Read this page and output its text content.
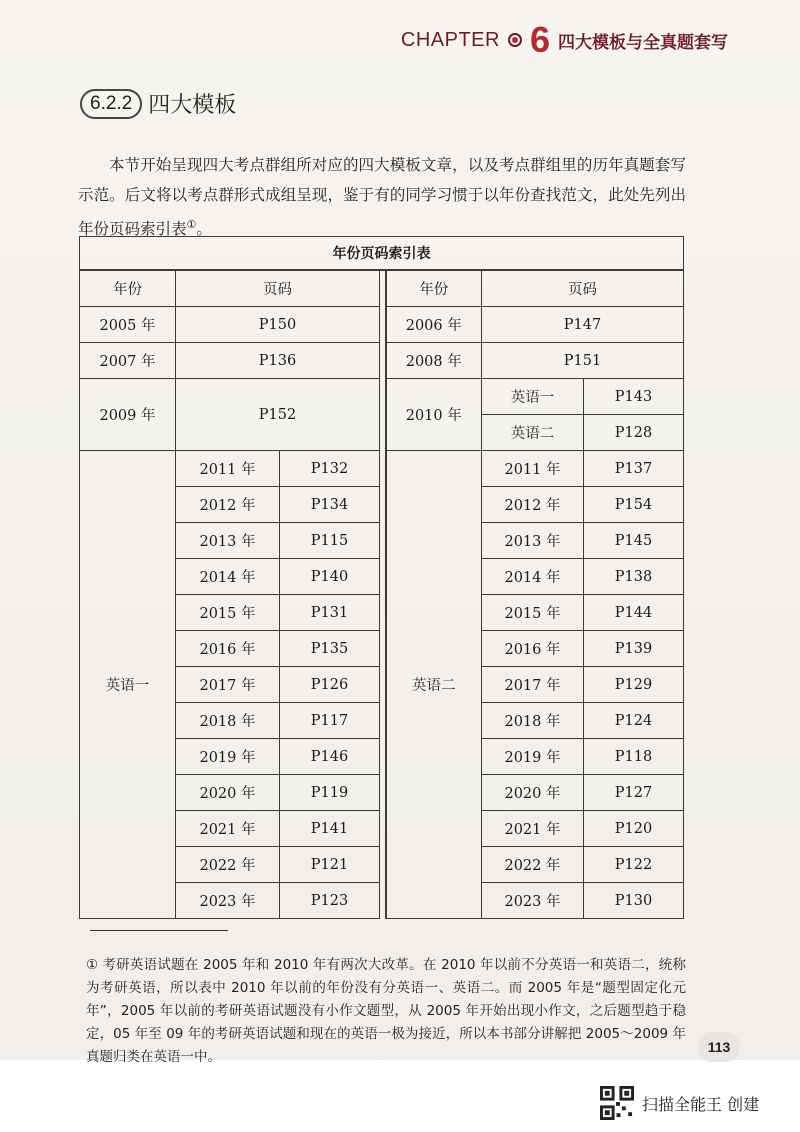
CHAPTER 6 四大模板与全真题套写
6.2.2 四大模板

本节开始呈现四大考点群组所对应的四大模板文章，以及考点群组里的历年真题套写示范。后文将以考点群形式成组呈现，鉴于有的同学习惯于以年份查找范文，此处先列出年份页码索引表①。

年份页码索引表						
年份	页码			年份	页码	
2005 年	P150			2006 年	P147	
2007 年	P136			2008 年	P151	
2009 年	P152			2010 年	英语一	P143
					英语二	P128
英语一	2011 年	P132		英语二	2011 年	P137
	2012 年	P134			2012 年	P154
	2013 年	P115			2013 年	P145
	2014 年	P140			2014 年	P138
	2015 年	P131			2015 年	P144
	2016 年	P135			2016 年	P139
	2017 年	P126			2017 年	P129
	2018 年	P117			2018 年	P124
	2019 年	P146			2019 年	P118
	2020 年	P119			2020 年	P127
	2021 年	P141			2021 年	P120
	2022 年	P121			2022 年	P122
	2023 年	P123			2023 年	P130

① 考研英语试题在 2005 年和 2010 年有两次大改革。在 2010 年以前不分英语一和英语二，统称为考研英语，所以表中 2010 年以前的年份没有分英语一、英语二。而 2005 年是“题型固定化元年”，2005 年以前的考研英语试题没有小作文题型，从 2005 年开始出现小作文，之后题型趋于稳定，05 年至 09 年的考研英语试题和现在的英语一极为接近，所以本书部分讲解把 2005～2009 年真题归类在英语一中。

113
扫描全能王 创建
